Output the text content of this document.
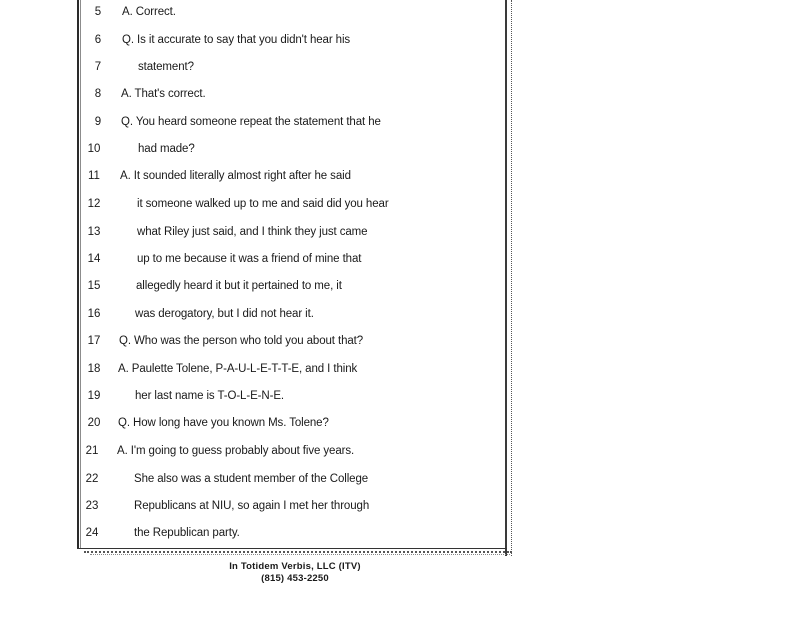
5	A. Correct.
6	Q. Is it accurate to say that you didn't hear his
7	statement?
8	A. That's correct.
9	Q. You heard someone repeat the statement that he
10	had made?
11	A. It sounded literally almost right after he said
12	it someone walked up to me and said did you hear
13	what Riley just said, and I think they just came
14	up to me because it was a friend of mine that
15	allegedly heard it but it pertained to me, it
16	was derogatory, but I did not hear it.
17	Q. Who was the person who told you about that?
18	A. Paulette Tolene, P-A-U-L-E-T-T-E, and I think
19	her last name is T-O-L-E-N-E.
20	Q. How long have you known Ms. Tolene?
21	A. I'm going to guess probably about five years.
22	She also was a student member of the College
23	Republicans at NIU, so again I met her through
24	the Republican party.
In Totidem Verbis, LLC (ITV)
(815) 453-2250
